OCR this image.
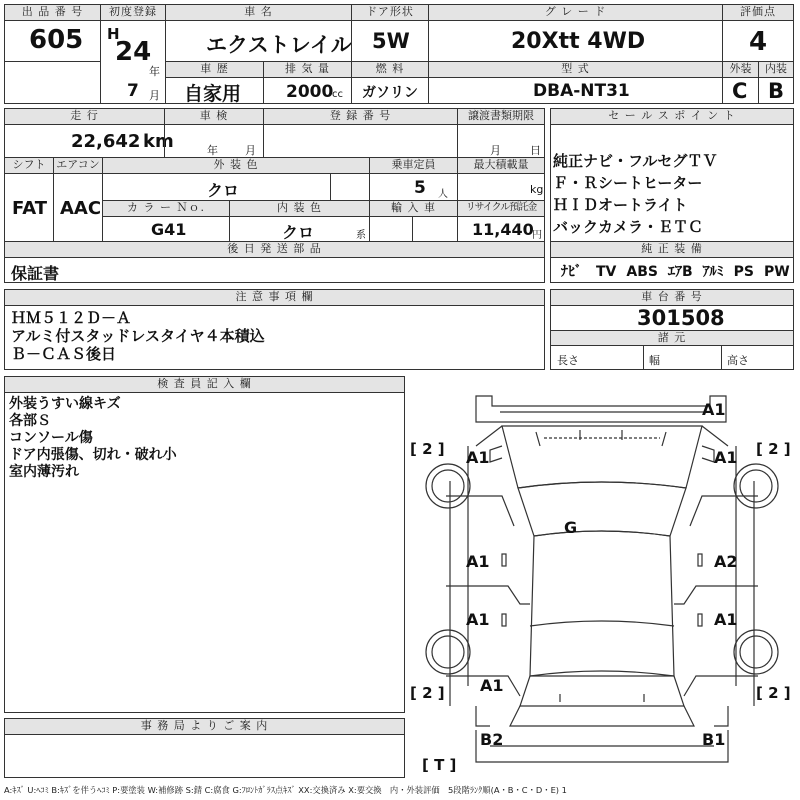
出 品 番 号
605
初度登録
H
24
年
7 月
車 名
エクストレイル
ドア形状
5W
グ レ ー ド
20Xtt 4WD
評価点
4
車 歴
自家用
排 気 量
2000
cc
燃 料
ガソリン
型 式
DBA-NT31
外装
C
内装
B
走 行
22,642 km
車 検
年 月
登 録 番 号	譲渡書類期限
月	日
シフト
FAT
エアコン
AAC
外 装 色
クロ
乗車定員
5 人
最大積載量
kg
カ ラ ー Ｎｏ.
G41
内 装 色
クロ	系
輸 入 車	リサイクル預託金
11,440
円
後 日 発 送 部 品
保証書
セ ー ル ス ポ イ ン ト
純正ナビ・フルセグＴＶ
Ｆ・Ｒシートヒーター
ＨＩＤオートライト
バックカメラ・ＥＴＣ
純 正 装 備
ﾅﾋﾞ TV ABS ｴｱB ｱﾙﾐ PS PW
注 意 事 項 欄
ＨＭ５１２Ｄ－Ａ
アルミ付スタッドレスタイヤ４本積込
Ｂ－ＣＡＳ後日
車 台 番 号
301508
諸 元
長さ	幅	高さ
検 査 員 記 入 欄
外装うすい線キズ
各部Ｓ
コンソール傷
ドア内張傷、切れ・破れ小
室内薄汚れ
事 務 局 よ り ご 案 内
A1
A1	A1
G
A1	A2
A1	A1
A1
B2	B1
[ 2 ]	[ 2 ]
[ 2 ]	[ 2 ]
[ T ]
A:ｷｽﾞ U:ﾍｺﾐ B:ｷｽﾞを伴うﾍｺﾐ P:要塗装 W:補修跡 S:錆 C:腐食 G:ﾌﾛﾝﾄｶﾞﾗｽ点ｷｽﾞ XX:交換済み X:要交換　内・外装評価　5段階ﾗﾝｸ順(A・B・C・D・E) 1
